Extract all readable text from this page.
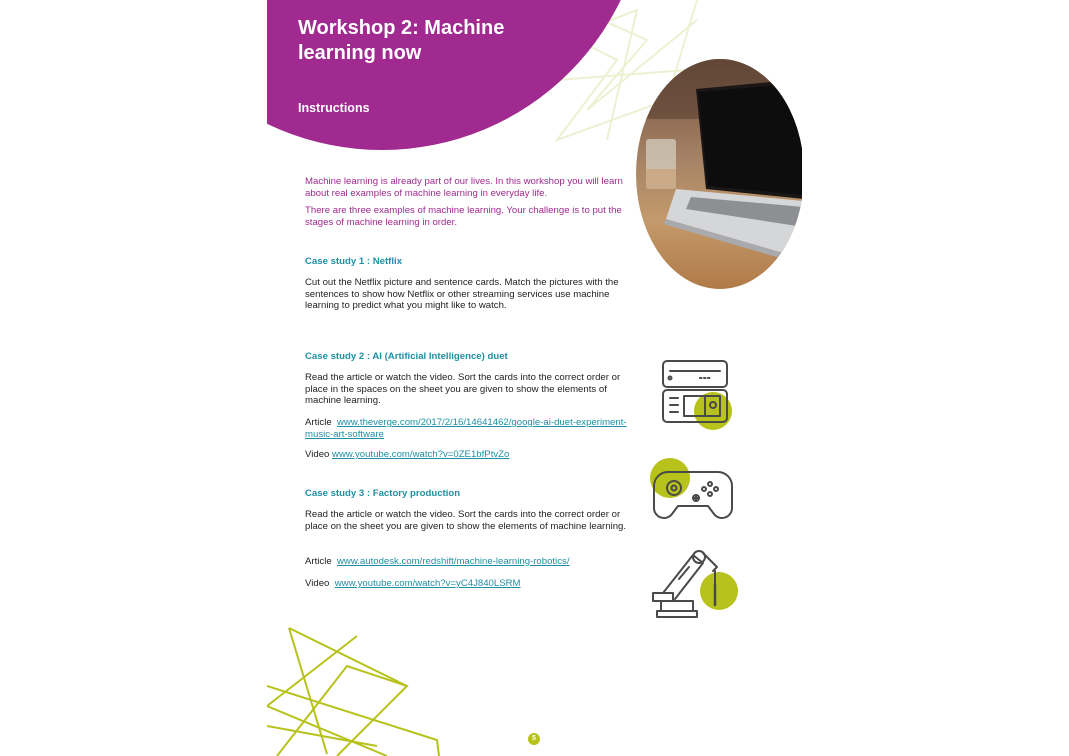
Workshop 2: Machine learning now
Instructions

Machine learning is already part of our lives. In this workshop you will learn about real examples of machine learning in everyday life.

There are three examples of machine learning. Your challenge is to put the stages of machine learning in order.

Case study 1 : Netflix

Cut out the Netflix picture and sentence cards. Match the pictures with the sentences to show how Netflix or other streaming services use machine learning to predict what you might like to watch.

Case study 2 : AI (Artificial Intelligence) duet

Read the article or watch the video. Sort the cards into the correct order or place in the spaces on the sheet you are given to show the elements of machine learning.

Article www.theverge.com/2017/2/16/14641462/google-ai-duet-experiment-music-art-software

Video www.youtube.com/watch?v=0ZE1bfPtvZo

Case study 3 : Factory production

Read the article or watch the video. Sort the cards into the correct order or place on the sheet you are given to show the elements of machine learning.

Article www.autodesk.com/redshift/machine-learning-robotics/

Video www.youtube.com/watch?v=yC4J840LSRM

5
